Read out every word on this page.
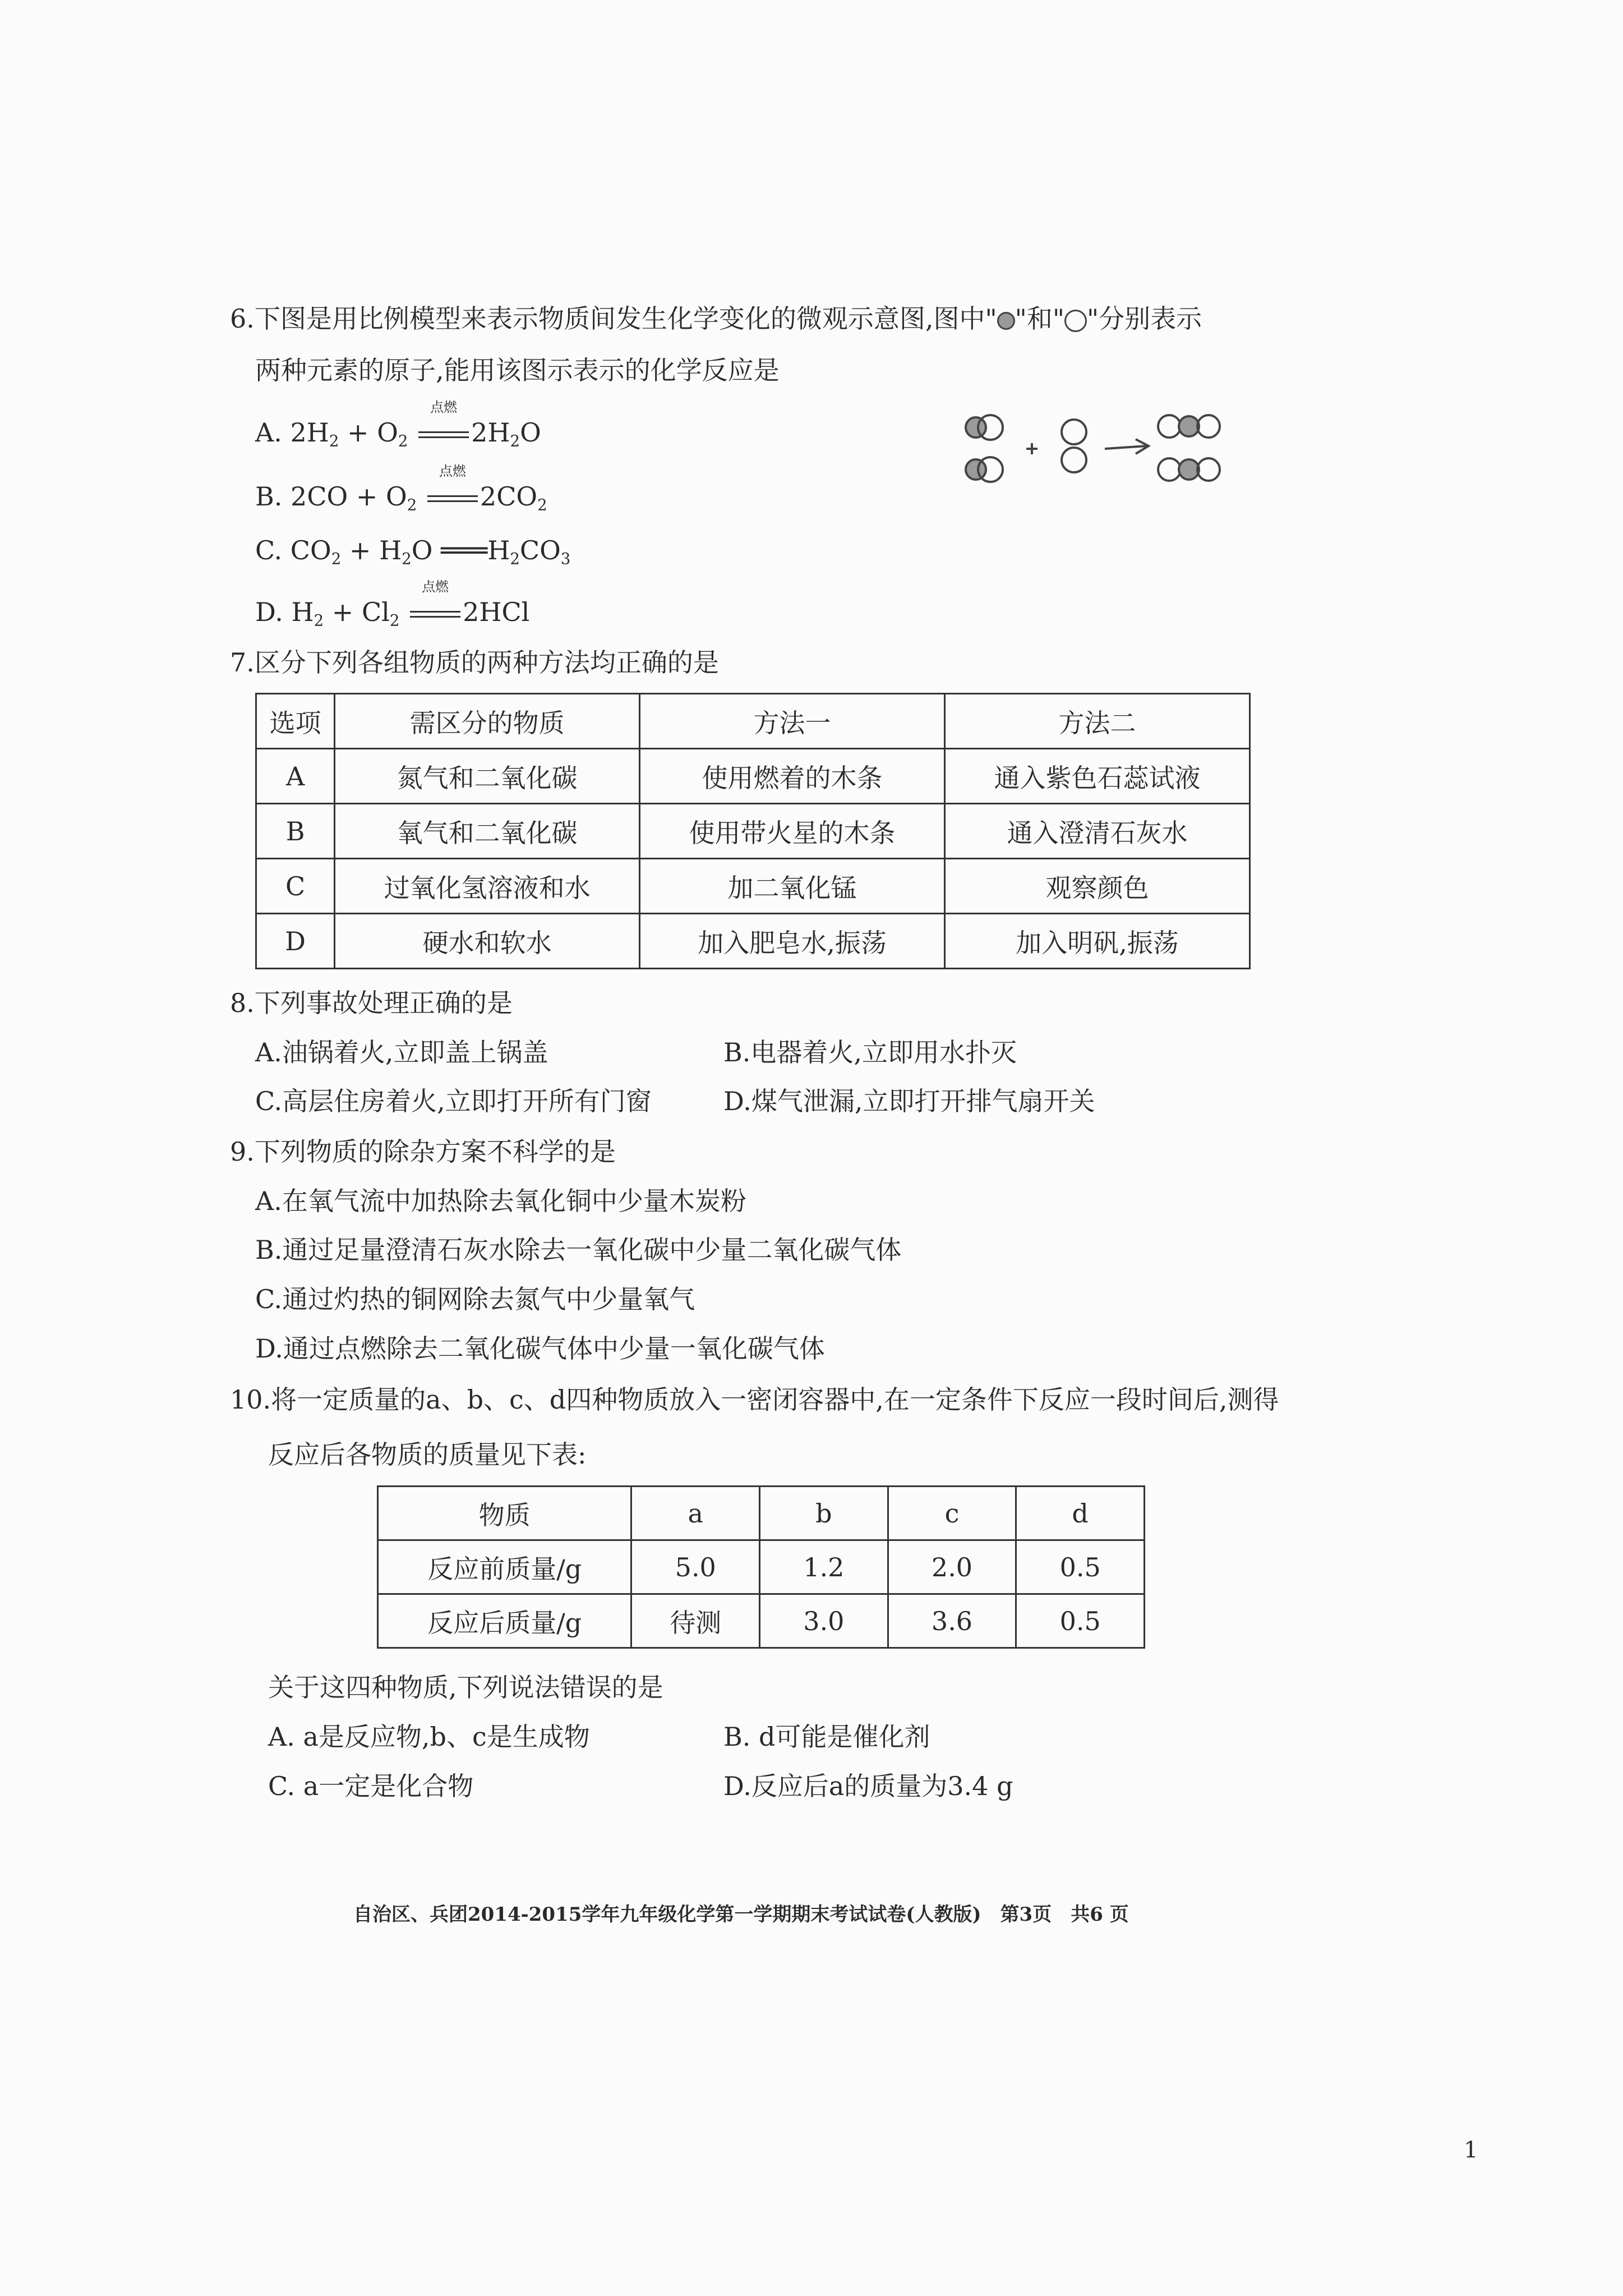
6.下图是用比例模型来表示物质间发生化学变化的微观示意图,图中" "和" "分别表示
两种元素的原子,能用该图示表示的化学反应是
A. $2H_2 + O_2$
点燃
$2H_2O$
B. $2CO + O_2$
点燃
$2CO_2$
C. $CO_2 + H_2O$ $═══H_2CO_3$
D. $H_2 + Cl_2$
点燃
2HCl
7.区分下列各组物质的两种方法均正确的是
选项	需区分的物质	方法一	方法二
A	氮气和二氧化碳	使用燃着的木条	通入紫色石蕊试液
B	氧气和二氧化碳	使用带火星的木条	通入澄清石灰水
C	过氧化氢溶液和水	加二氧化锰	观察颜色
D	硬水和软水	加入肥皂水,振荡	加入明矾,振荡
8.下列事故处理正确的是
A.油锅着火,立即盖上锅盖	B.电器着火,立即用水扑灭
C.高层住房着火,立即打开所有门窗	D.煤气泄漏,立即打开排气扇开关
9.下列物质的除杂方案不科学的是
A.在氧气流中加热除去氧化铜中少量木炭粉
B.通过足量澄清石灰水除去一氧化碳中少量二氧化碳气体
C.通过灼热的铜网除去氮气中少量氧气
D.通过点燃除去二氧化碳气体中少量一氧化碳气体
10.将一定质量的a、b、c、d四种物质放入一密闭容器中,在一定条件下反应一段时间后,测得
反应后各物质的质量见下表:
物质	a	b	c	d
反应前质量/g	5.0	1.2	2.0	0.5
反应后质量/g	待测	3.0	3.6	0.5
关于这四种物质,下列说法错误的是
A. a是反应物,b、c是生成物	B. d可能是催化剂
C. a一定是化合物	D.反应后a的质量为3.4 g
自治区、兵团2014-2015学年九年级化学第一学期期末考试试卷(人教版)　第3页　共6 页
1
